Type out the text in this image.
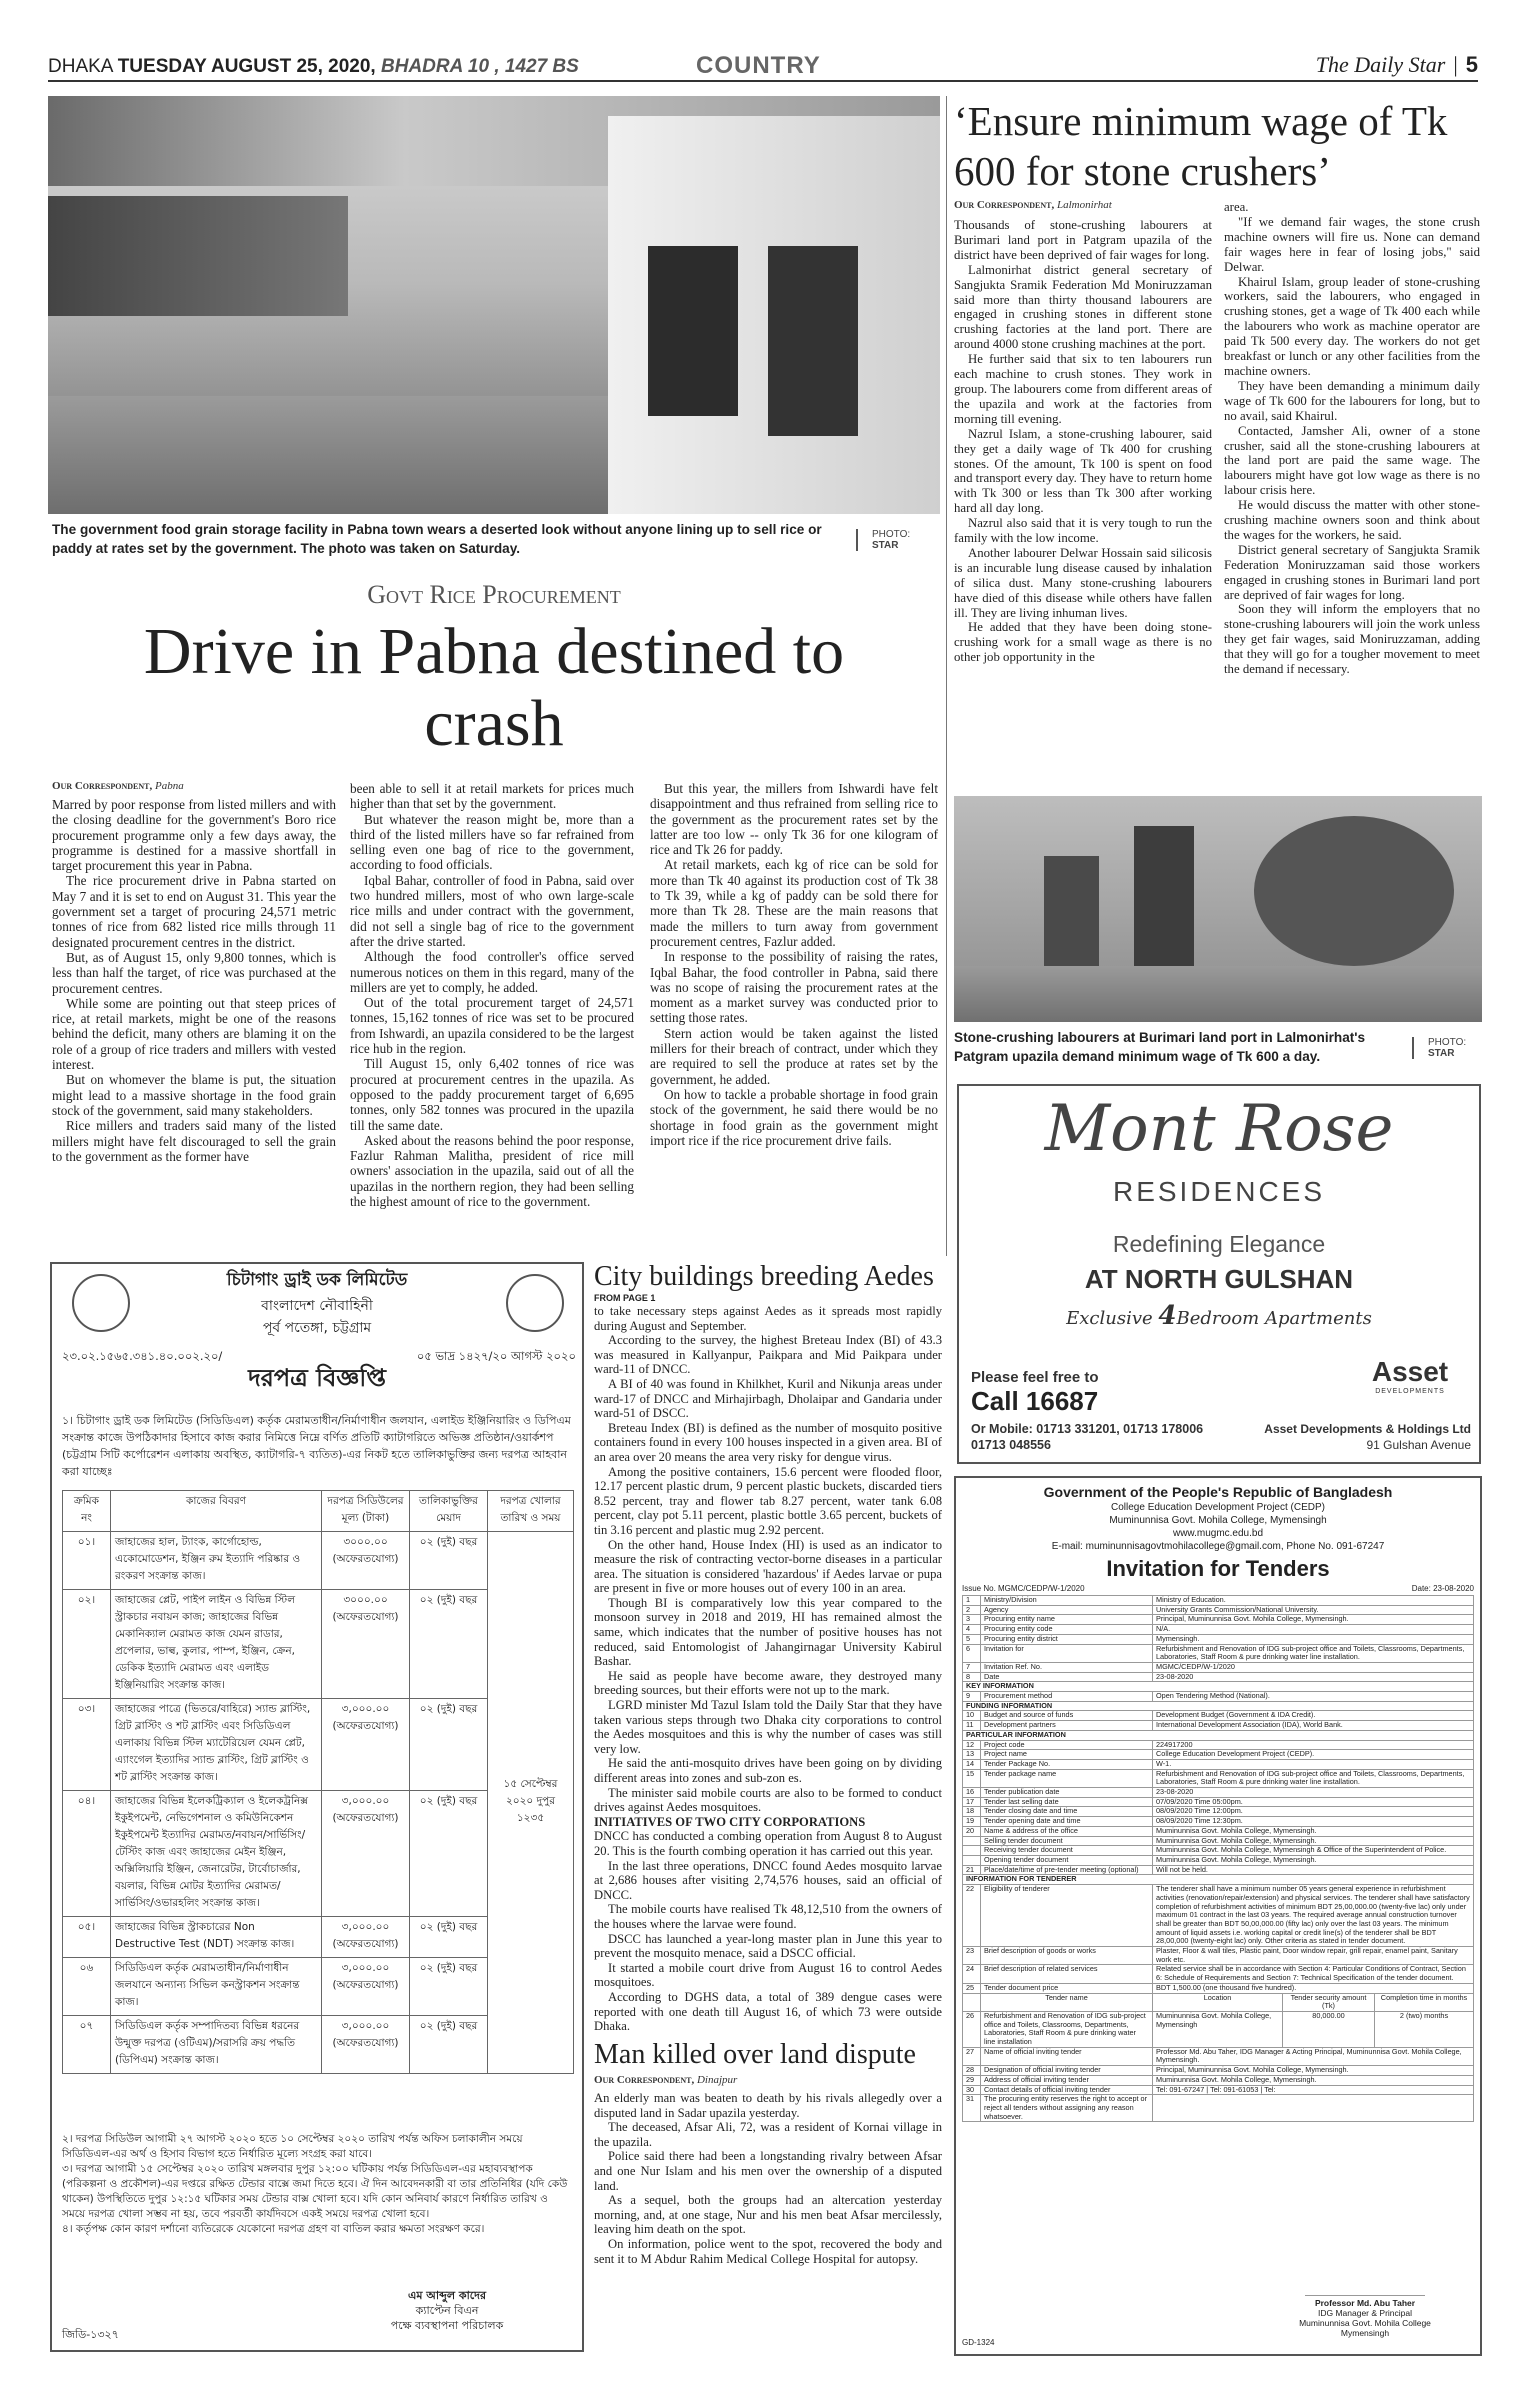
DHAKA TUESDAY AUGUST 25, 2020, BHADRA 10 , 1427 BS	COUNTRY	The Daily Star | 5
The government food grain storage facility in Pabna town wears a deserted look without anyone lining up to sell rice or paddy at rates set by the government. The photo was taken on Saturday.
PHOTO:
STAR
Govt Rice Procurement
Drive in Pabna destined to crash
Our Correspondent, Pabna

Marred by poor response from listed millers and with the closing deadline for the government's Boro rice procurement programme only a few days away, the programme is destined for a massive shortfall in target procurement this year in Pabna.

The rice procurement drive in Pabna started on May 7 and it is set to end on August 31. This year the government set a target of procuring 24,571 metric tonnes of rice from 682 listed rice mills through 11 designated procurement centres in the district.

But, as of August 15, only 9,800 tonnes, which is less than half the target, of rice was purchased at the procurement centres.

While some are pointing out that steep prices of rice, at retail markets, might be one of the reasons behind the deficit, many others are blaming it on the role of a group of rice traders and millers with vested interest.

But on whomever the blame is put, the situation might lead to a massive shortage in the food grain stock of the government, said many stakeholders.

Rice millers and traders said many of the listed millers might have felt discouraged to sell the grain to the government as the former have

been able to sell it at retail markets for prices much higher than that set by the government.

But whatever the reason might be, more than a third of the listed millers have so far refrained from selling even one bag of rice to the government, according to food officials.

Iqbal Bahar, controller of food in Pabna, said over two hundred millers, most of who own large-scale rice mills and under contract with the government, did not sell a single bag of rice to the government after the drive started.

Although the food controller's office served numerous notices on them in this regard, many of the millers are yet to comply, he added.

Out of the total procurement target of 24,571 tonnes, 15,162 tonnes of rice was set to be procured from Ishwardi, an upazila considered to be the largest rice hub in the region.

Till August 15, only 6,402 tonnes of rice was procured at procurement centres in the upazila. As opposed to the paddy procurement target of 6,695 tonnes, only 582 tonnes was procured in the upazila till the same date.

Asked about the reasons behind the poor response, Fazlur Rahman Malitha, president of rice mill owners' association in the upazila, said out of all the upazilas in the northern region, they had been selling the highest amount of rice to the government.

But this year, the millers from Ishwardi have felt disappointment and thus refrained from selling rice to the government as the procurement rates set by the latter are too low -- only Tk 36 for one kilogram of rice and Tk 26 for paddy.

At retail markets, each kg of rice can be sold for more than Tk 40 against its production cost of Tk 38 to Tk 39, while a kg of paddy can be sold there for more than Tk 28. These are the main reasons that made the millers to turn away from government procurement centres, Fazlur added.

In response to the possibility of raising the rates, Iqbal Bahar, the food controller in Pabna, said there was no scope of raising the procurement rates at the moment as a market survey was conducted prior to setting those rates.

Stern action would be taken against the listed millers for their breach of contract, under which they are required to sell the produce at rates set by the government, he added.

On how to tackle a probable shortage in food grain stock of the government, he said there would be no shortage in food grain as the government might import rice if the rice procurement drive fails.

‘Ensure minimum wage of Tk 600 for stone crushers’
Our Correspondent, Lalmonirhat

Thousands of stone-crushing labourers at Burimari land port in Patgram upazila of the district have been deprived of fair wages for long.

Lalmonirhat district general secretary of Sangjukta Sramik Federation Md Moniruzzaman said more than thirty thousand labourers are engaged in crushing stones in different stone crushing factories at the land port. There are around 4000 stone crushing machines at the port.

He further said that six to ten labourers run each machine to crush stones. They work in group. The labourers come from different areas of the upazila and work at the factories from morning till evening.

Nazrul Islam, a stone-crushing labourer, said they get a daily wage of Tk 400 for crushing stones. Of the amount, Tk 100 is spent on food and transport every day. They have to return home with Tk 300 or less than Tk 300 after working hard all day long.

Nazrul also said that it is very tough to run the family with the low income.

Another labourer Delwar Hossain said silicosis is an incurable lung disease caused by inhalation of silica dust. Many stone-crushing labourers have died of this disease while others have fallen ill. They are living inhuman lives.

He added that they have been doing stone-crushing work for a small wage as there is no other job opportunity in the

area.

"If we demand fair wages, the stone crush machine owners will fire us. None can demand fair wages here in fear of losing jobs," said Delwar.

Khairul Islam, group leader of stone-crushing workers, said the labourers, who engaged in crushing stones, get a wage of Tk 400 each while the labourers who work as machine operator are paid Tk 500 every day. The workers do not get breakfast or lunch or any other facilities from the machine owners.

They have been demanding a minimum daily wage of Tk 600 for the labourers for long, but to no avail, said Khairul.

Contacted, Jamsher Ali, owner of a stone crusher, said all the stone-crushing labourers at the land port are paid the same wage. The labourers might have got low wage as there is no labour crisis here.

He would discuss the matter with other stone-crushing machine owners soon and think about the wages for the workers, he said.

District general secretary of Sangjukta Sramik Federation Moniruzzaman said those workers engaged in crushing stones in Burimari land port are deprived of fair wages for long.

Soon they will inform the employers that no stone-crushing labourers will join the work unless they get fair wages, said Moniruzzaman, adding that they will go for a tougher movement to meet the demand if necessary.

Stone-crushing labourers at Burimari land port in Lalmonirhat's Patgram upazila demand minimum wage of Tk 600 a day.
PHOTO:
STAR
Mont Rose
RESIDENCES
Redefining Elegance
AT NORTH GULSHAN
Exclusive 4Bedroom Apartments
Please feel free to
Call 16687
Or Mobile: 01713 331201, 01713 178006
01713 048556
Asset
DEVELOPMENTS
Asset Developments & Holdings Ltd
91 Gulshan Avenue
চিটাগাং ড্রাই ডক লিমিটেড
বাংলাদেশ নৌবাহিনী
পূর্ব পতেঙ্গা, চট্টগ্রাম
২৩.০২.১৫৬৫.৩৪১.৪০.০০২.২০/	০৫ ভাদ্র ১৪২৭/২০ আগস্ট ২০২০
দরপত্র বিজ্ঞপ্তি
১। চিটাগাং ড্রাই ডক লিমিটেড (সিডিডিএল) কর্তৃক মেরামতাধীন/নির্মাণাধীন জলযান, এলাইড ইঞ্জিনিয়ারিং ও ডিপিএম সংক্রান্ত কাজে উপঠিকাদার হিসাবে কাজ করার নিমিত্তে নিম্নে বর্ণিত প্রতিটি ক্যাটাগরিতে অভিজ্ঞ প্রতিষ্ঠান/ওয়ার্কশপ (চট্টগ্রাম সিটি কর্পোরেশন এলাকায় অবস্থিত, ক্যাটাগরি-৭ ব্যতিত)-এর নিকট হতে তালিকাভুক্তির জন্য দরপত্র আহবান করা যাচ্ছেঃ
ক্রমিক নং	কাজের বিবরণ	দরপত্র সিডিউলের মূল্য (টাকা)	তালিকাভুক্তির মেয়াদ	দরপত্র খোলার তারিখ ও সময়
০১।	জাহাজের হাল, ট্যাংক, কার্গোহোল্ড, একোমোডেশন, ইঞ্জিন রুম ইত্যাদি পরিষ্কার ও রংকরণ সংক্রান্ত কাজ।	৩০০০.০০ (অফেরতযোগ্য)	০২ (দুই) বছর	১৫ সেপ্টেম্বর ২০২০ দুপুর ১২৩৫
০২।	জাহাজের প্লেট, পাইপ লাইন ও বিভিন্ন স্টিল স্ট্রাকচার নবায়ন কাজ; জাহাজের বিভিন্ন মেকানিক্যাল মেরামত কাজ যেমন রাডার, প্রপেলার, ভাল্ব, কুলার, পাম্প, ইঞ্জিন, ক্রেন, ডেকিক ইত্যাদি মেরামত এবং এলাইড ইঞ্জিনিয়ারিং সংক্রান্ত কাজ।	৩০০০.০০ (অফেরতযোগ্য)	০২ (দুই) বছর	
০৩।	জাহাজের পাত্রে (ভিতরে/বাহিরে) স্যান্ড ব্লাস্টিং, গ্রিট ব্লাস্টিং ও শট ব্লাস্টিং এবং সিডিডিএল এলাকায় বিভিন্ন স্টিল ম্যাটেরিয়েল যেমন প্লেট, এ্যাংগেল ইত্যাদির স্যান্ড ব্লাস্টিং, গ্রিট ব্লাস্টিং ও শট ব্লাস্টিং সংক্রান্ত কাজ।	৩,০০০.০০ (অফেরতযোগ্য)	০২ (দুই) বছর	
০৪।	জাহাজের বিভিন্ন ইলেকট্রিক্যাল ও ইলেকট্রনিক্স ইকুইপমেন্ট, নেভিগেশনাল ও কমিউনিকেশন ইকুইপমেন্ট ইত্যাদির মেরামত/নবায়ন/সার্ভিসিং/টেস্টিং কাজ এবং জাহাজের মেইন ইঞ্জিন, অক্সিলিয়ারি ইঞ্জিন, জেনারেটর, টার্বোচার্জার, বয়লার, বিভিন্ন মোটর ইত্যাদির মেরামত/সার্ভিসিং/ওভারহলিং সংক্রান্ত কাজ।	৩,০০০.০০ (অফেরতযোগ্য)	০২ (দুই) বছর	
০৫।	জাহাজের বিভিন্ন স্ট্রাকচারের Non Destructive Test (NDT) সংক্রান্ত কাজ।	৩,০০০.০০ (অফেরতযোগ্য)	০২ (দুই) বছর	
০৬	সিডিডিএল কর্তৃক মেরামতাধীন/নির্মাণাধীন জলযানে অন্যান্য সিভিল কনস্ট্রাকশন সংক্রান্ত কাজ।	৩,০০০.০০ (অফেরতযোগ্য)	০২ (দুই) বছর	
০৭	সিডিডিএল কর্তৃক সম্পাদিতব্য বিভিন্ন ধরনের উন্মুক্ত দরপত্র (ওটিএম)/সরাসরি ক্রয় পদ্ধতি (ডিপিএম) সংক্রান্ত কাজ।	৩,০০০.০০ (অফেরতযোগ্য)	০২ (দুই) বছর	

২। দরপত্র সিডিউল আগামী ২৭ আগস্ট ২০২০ হতে ১০ সেপ্টেম্বর ২০২০ তারিখ পর্যন্ত অফিস চলাকালীন সময়ে সিডিডিএল-এর অর্থ ও হিসাব বিভাগ হতে নির্ধারিত মূল্যে সংগ্রহ করা যাবে।

৩। দরপত্র আগামী ১৫ সেপ্টেম্বর ২০২০ তারিখ মঙ্গলবার দুপুর ১২:০০ ঘটিকায় পর্যন্ত সিডিডিএল-এর মহাব্যবস্থাপক (পরিকল্পনা ও প্রকৌশল)-এর দপ্তরে রক্ষিত টেন্ডার বাক্সে জমা দিতে হবে। ঐ দিন আবেদনকারী বা তার প্রতিনিধির (যদি কেউ থাকেন) উপস্থিতিতে দুপুর ১২:১৫ ঘটিকার সময় টেন্ডার বাক্স খোলা হবে। যদি কোন অনিবার্য কারণে নির্ধারিত তারিখ ও সময়ে দরপত্র খোলা সম্ভব না হয়, তবে পরবর্তী কার্যদিবসে একই সময়ে দরপত্র খোলা হবে।

৪। কর্তৃপক্ষ কোন কারণ দর্শানো ব্যতিরেকে যেকোনো দরপত্র গ্রহণ বা বাতিল করার ক্ষমতা সংরক্ষণ করে।

এম আব্দুল কাদের
ক্যাপ্টেন বিএন
পক্ষে ব্যবস্থাপনা পরিচালক
জিডি-১৩২৭
City buildings breeding Aedes
FROM PAGE 1

to take necessary steps against Aedes as it spreads most rapidly during August and September.

According to the survey, the highest Breteau Index (BI) of 43.3 was measured in Kallyanpur, Paikpara and Mid Paikpara under ward-11 of DNCC.

A BI of 40 was found in Khilkhet, Kuril and Nikunja areas under ward-17 of DNCC and Mirhajirbagh, Dholaipar and Gandaria under ward-51 of DSCC.

Breteau Index (BI) is defined as the number of mosquito positive containers found in every 100 houses inspected in a given area. BI of an area over 20 means the area very risky for dengue virus.

Among the positive containers, 15.6 percent were flooded floor, 12.17 percent plastic drum, 9 percent plastic buckets, discarded tiers 8.52 percent, tray and flower tab 8.27 percent, water tank 6.08 percent, clay pot 5.11 percent, plastic bottle 3.65 percent, buckets of tin 3.16 percent and plastic mug 2.92 percent.

On the other hand, House Index (HI) is used as an indicator to measure the risk of contracting vector-borne diseases in a particular area. The situation is considered 'hazardous' if Aedes larvae or pupa are present in five or more houses out of every 100 in an area.

Though BI is comparatively low this year compared to the monsoon survey in 2018 and 2019, HI has remained almost the same, which indicates that the number of positive houses has not reduced, said Entomologist of Jahangirnagar University Kabirul Bashar.

He said as people have become aware, they destroyed many breeding sources, but their efforts were not up to the mark.

LGRD minister Md Tazul Islam told the Daily Star that they have taken various steps through two Dhaka city corporations to control the Aedes mosquitoes and this is why the number of cases was still very low.

He said the anti-mosquito drives have been going on by dividing different areas into zones and sub-zon es.

The minister said mobile courts are also to be formed to conduct drives against Aedes mosquitoes.

INITIATIVES OF TWO CITY CORPORATIONS

DNCC has conducted a combing operation from August 8 to August 20. This is the fourth combing operation it has carried out this year.

In the last three operations, DNCC found Aedes mosquito larvae at 2,686 houses after visiting 2,74,576 houses, said an official of DNCC.

The mobile courts have realised Tk 48,12,510 from the owners of the houses where the larvae were found.

DSCC has launched a year-long master plan in June this year to prevent the mosquito menace, said a DSCC official.

It started a mobile court drive from August 16 to control Aedes mosquitoes.

According to DGHS data, a total of 389 dengue cases were reported with one death till August 16, of which 73 were outside Dhaka.

Man killed over land dispute
Our Correspondent, Dinajpur

An elderly man was beaten to death by his rivals allegedly over a disputed land in Sadar upazila yesterday.

The deceased, Afsar Ali, 72, was a resident of Kornai village in the upazila.

Police said there had been a longstanding rivalry between Afsar and one Nur Islam and his men over the ownership of a disputed land.

As a sequel, both the groups had an altercation yesterday morning, and, at one stage, Nur and his men beat Afsar mercilessly, leaving him death on the spot.

On information, police went to the spot, recovered the body and sent it to M Abdur Rahim Medical College Hospital for autopsy.

Government of the People's Republic of Bangladesh
College Education Development Project (CEDP)
Muminunnisa Govt. Mohila College, Mymensingh
www.mugmc.edu.bd
E-mail: muminunnisagovtmohilacollege@gmail.com, Phone No. 091-67247
Invitation for Tenders
Issue No. MGMC/CEDP/W-1/2020	Date: 23-08-2020
1	Ministry/Division	Ministry of Education.
2	Agency	University Grants Commission/National University.
3	Procuring entity name	Principal, Muminunnisa Govt. Mohila College, Mymensingh.
4	Procuring entity code	N/A.
5	Procuring entity district	Mymensingh.
6	Invitation for	Refurbishment and Renovation of IDG sub-project office and Toilets, Classrooms, Departments, Laboratories, Staff Room & pure drinking water line installation.
7	Invitation Ref. No.	MGMC/CEDP/W-1/2020
8	Date	23-08-2020
KEY INFORMATION		
9	Procurement method	Open Tendering Method (National).
FUNDING INFORMATION		
10	Budget and source of funds	Development Budget (Government & IDA Credit).
11	Development partners	International Development Association (IDA), World Bank.
PARTICULAR INFORMATION		
12	Project code	224917200
13	Project name	College Education Development Project (CEDP).
14	Tender Package No.	W-1.
15	Tender package name	Refurbishment and Renovation of IDG sub-project office and Toilets, Classrooms, Departments, Laboratories, Staff Room & pure drinking water line installation.
16	Tender publication date	23-08-2020
17	Tender last selling date	07/09/2020 Time 05:00pm.
18	Tender closing date and time	08/09/2020 Time 12:00pm.
19	Tender opening date and time	08/09/2020 Time 12:30pm.
20	Name & address of the office	Muminunnisa Govt. Mohila College, Mymensingh.
	Selling tender document	Muminunnisa Govt. Mohila College, Mymensingh.
	Receiving tender document	Muminunnisa Govt. Mohila College, Mymensingh & Office of the Superintendent of Police.
	Opening tender document	Muminunnisa Govt. Mohila College, Mymensingh.
21	Place/date/time of pre-tender meeting (optional)	Will not be held.
INFORMATION FOR TENDERER		
22	Eligibility of tenderer	The tenderer shall have a minimum number 05 years general experience in refurbishment activities (renovation/repair/extension) and physical services. The tenderer shall have satisfactory completion of refurbishment activities of minimum BDT 25,00,000.00 (twenty-five lac) only under maximum 01 contract in the last 03 years. The required average annual construction turnover shall be greater than BDT 50,00,000.00 (fifty lac) only over the last 03 years. The minimum amount of liquid assets i.e. working capital or credit line(s) of the tenderer shall be BDT 28,00,000 (twenty-eight lac) only. Other criteria as stated in tender document.
23	Brief description of goods or works	Plaster, Floor & wall tiles, Plastic paint, Door window repair, grill repair, enamel paint, Sanitary work etc.
24	Brief description of related services	Related service shall be in accordance with Section 4: Particular Conditions of Contract, Section 6: Schedule of Requirements and Section 7: Technical Specification of the tender document.
25	Tender document price	BDT 1,500.00 (one thousand five hundred).
	Tender name	Location	Tender security amount (Tk)	Completion time in months
26	Refurbishment and Renovation of IDG sub-project office and Toilets, Classrooms, Departments, Laboratories, Staff Room & pure drinking water line installation	Muminunnisa Govt. Mohila College, Mymensingh	80,000.00	2 (two) months
27	Name of official inviting tender	Professor Md. Abu Taher, IDG Manager & Acting Principal, Muminunnisa Govt. Mohila College, Mymensingh.
28	Designation of official inviting tender	Principal, Muminunnisa Govt. Mohila College, Mymensingh.
29	Address of official inviting tender	Muminunnisa Govt. Mohila College, Mymensingh.
30	Contact details of official inviting tender	Tel: 091-67247 | Tel: 091-61053 | Tel:
31	The procuring entity reserves the right to accept or reject all tenders without assigning any reason whatsoever.	
Professor Md. Abu Taher
IDG Manager & Principal
Muminunnisa Govt. Mohila College
Mymensingh
GD-1324
